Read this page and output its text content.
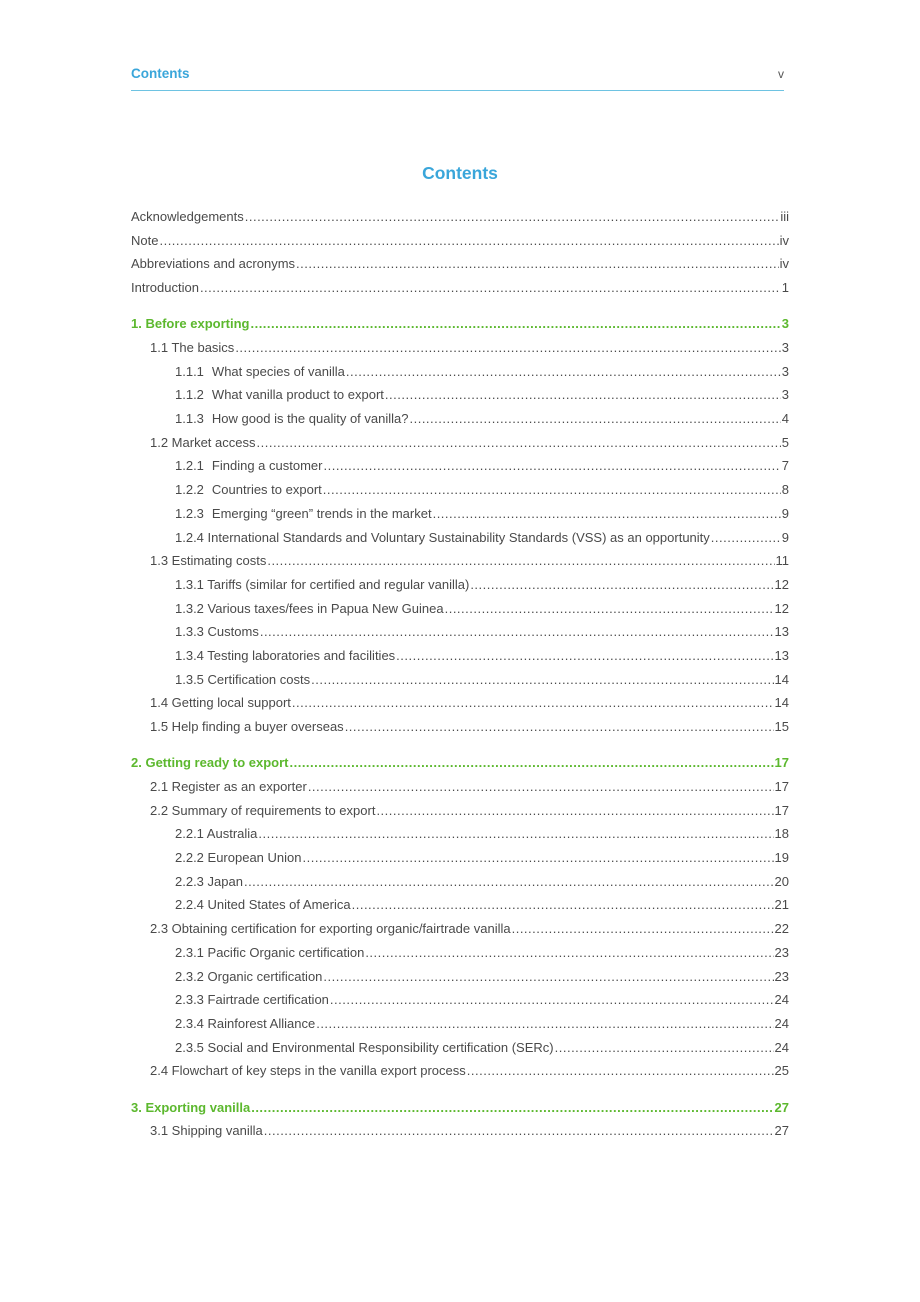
Contents	v
Contents
Acknowledgements .....	iii
Note .....	iv
Abbreviations and acronyms .....	iv
Introduction .....	1
1. Before exporting .....	3
1.1 The basics .....	3
1.1.1 What species of vanilla .....	3
1.1.2 What vanilla product to export .....	3
1.1.3 How good is the quality of vanilla? .....	4
1.2 Market access .....	5
1.2.1 Finding a customer .....	7
1.2.2 Countries to export .....	8
1.2.3 Emerging “green” trends in the market .....	9
1.2.4 International Standards and Voluntary Sustainability Standards (VSS) as an opportunity .....	9
1.3 Estimating costs .....	11
1.3.1 Tariffs (similar for certified and regular vanilla) .....	12
1.3.2 Various taxes/fees in Papua New Guinea .....	12
1.3.3 Customs .....	13
1.3.4 Testing laboratories and facilities .....	13
1.3.5 Certification costs .....	14
1.4 Getting local support .....	14
1.5 Help finding a buyer overseas .....	15
2. Getting ready to export .....	17
2.1 Register as an exporter .....	17
2.2 Summary of requirements to export .....	17
2.2.1 Australia .....	18
2.2.2 European Union .....	19
2.2.3 Japan .....	20
2.2.4 United States of America .....	21
2.3 Obtaining certification for exporting organic/fairtrade vanilla .....	22
2.3.1 Pacific Organic certification .....	23
2.3.2 Organic certification .....	23
2.3.3 Fairtrade certification .....	24
2.3.4 Rainforest Alliance .....	24
2.3.5 Social and Environmental Responsibility certification (SERc) .....	24
2.4 Flowchart of key steps in the vanilla export process .....	25
3. Exporting vanilla .....	27
3.1 Shipping vanilla .....	27
